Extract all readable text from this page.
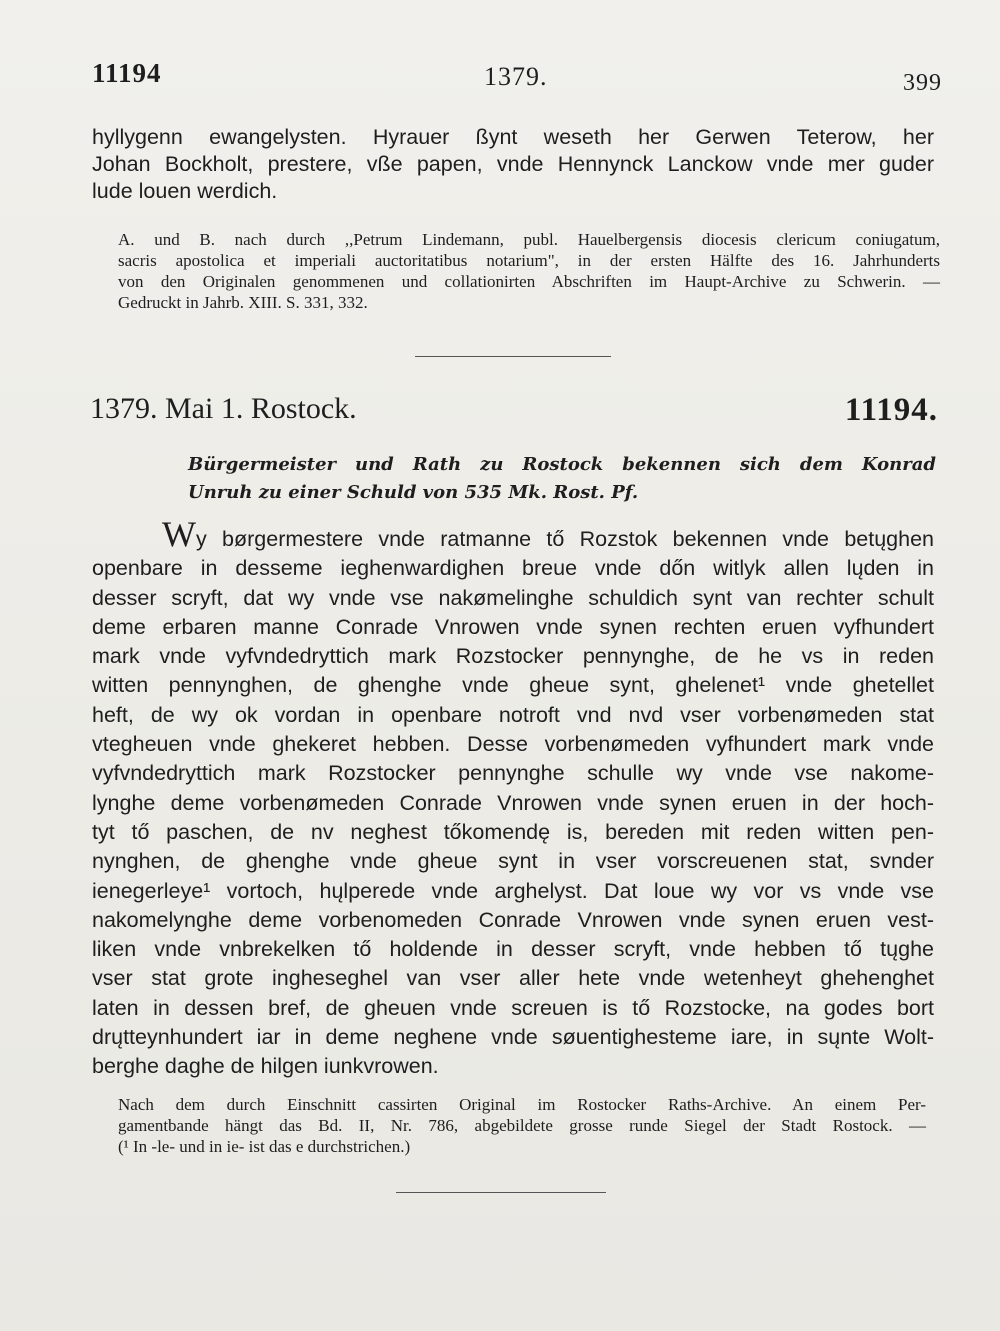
11194	1379.	399
hyllygenn ewangelysten. Hyrauer ßynt weseth her Gerwen Teterow, her
Johan Bockholt, prestere, vße papen, vnde Hennynck Lanckow vnde mer guder
lude louen werdich.
A. und B. nach durch ,,Petrum Lindemann, publ. Hauelbergensis diocesis clericum coniugatum,
sacris apostolica et imperiali auctoritatibus notarium", in der ersten Hälfte des 16. Jahrhunderts
von den Originalen genommenen und collationirten Abschriften im Haupt-Archive zu Schwerin. —
Gedruckt in Jahrb. XIII. S. 331, 332.
1379. Mai 1. Rostock.	11194.
Bürgermeister und Rath zu Rostock bekennen sich dem Konrad
Unruh zu einer Schuld von 535 Mk. Rost. Pf.
Wy børgermestere vnde ratmanne tő Rozstok bekennen vnde betųghen
openbare in desseme ieghenwardighen breue vnde dőn witlyk allen lųden in
desser scryft, dat wy vnde vse nakømelinghe schuldich synt van rechter schult
deme erbaren manne Conrade Vnrowen vnde synen rechten eruen vyfhundert
mark vnde vyfvndedryttich mark Rozstocker pennynghe, de he vs in reden
witten pennynghen, de ghenghe vnde gheue synt, ghelenet¹ vnde ghetellet
heft, de wy ok vordan in openbare notroft vnd nvd vser vorbenømeden stat
vtegheuen vnde ghekeret hebben. Desse vorbenømeden vyfhundert mark vnde
vyfvndedryttich mark Rozstocker pennynghe schulle wy vnde vse nakome-
lynghe deme vorbenømeden Conrade Vnrowen vnde synen eruen in der hoch-
tyt tő paschen, de nv neghest tőkomendę is, bereden mit reden witten pen-
nynghen, de ghenghe vnde gheue synt in vser vorscreuenen stat, svnder
ienegerleye¹ vortoch, hųlperede vnde arghelyst. Dat loue wy vor vs vnde vse
nakomelynghe deme vorbenomeden Conrade Vnrowen vnde synen eruen vest-
liken vnde vnbrekelken tő holdende in desser scryft, vnde hebben tő tųghe
vser stat grote ingheseghel van vser aller hete vnde wetenheyt ghehenghet
laten in dessen bref, de gheuen vnde screuen is tő Rozstocke, na godes bort
drųtteynhundert iar in deme neghene vnde søuentighesteme iare, in sųnte Wolt-
berghe daghe de hilgen iunkvrowen.
Nach dem durch Einschnitt cassirten Original im Rostocker Raths-Archive. An einem Per-
gamentbande hängt das Bd. II, Nr. 786, abgebildete grosse runde Siegel der Stadt Rostock. —
(¹ In -le- und in ie- ist das e durchstrichen.)
